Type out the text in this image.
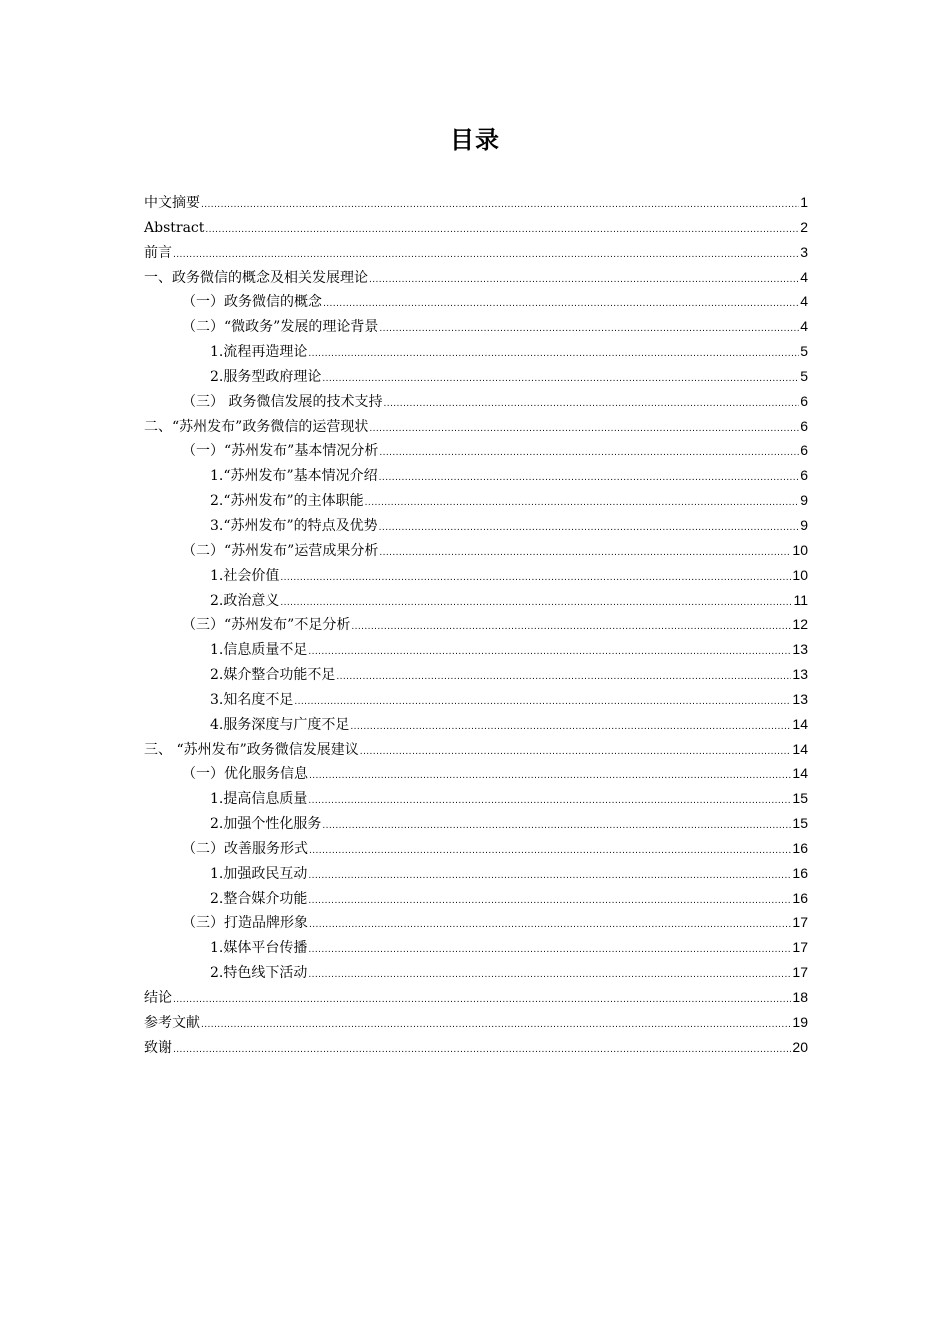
目录
中文摘要 .....	1
Abstract .....	2
前言 .....	3
一、政务微信的概念及相关发展理论 .....	4
（一）政务微信的概念 .....	4
（二）“微政务”发展的理论背景 .....	4
1.流程再造理论 .....	5
2.服务型政府理论 .....	5
（三） 政务微信发展的技术支持 .....	6
二、“苏州发布”政务微信的运营现状 .....	6
（一）“苏州发布”基本情况分析 .....	6
1.“苏州发布”基本情况介绍 .....	6
2.“苏州发布”的主体职能 .....	9
3.“苏州发布”的特点及优势 .....	9
（二）“苏州发布”运营成果分析 .....	10
1.社会价值 .....	10
2.政治意义 .....	11
（三）“苏州发布”不足分析 .....	12
1.信息质量不足 .....	13
2.媒介整合功能不足 .....	13
3.知名度不足 .....	13
4.服务深度与广度不足 .....	14
三、 “苏州发布”政务微信发展建议 .....	14
（一）优化服务信息 .....	14
1.提高信息质量 .....	15
2.加强个性化服务 .....	15
（二）改善服务形式 .....	16
1.加强政民互动 .....	16
2.整合媒介功能 .....	16
（三）打造品牌形象 .....	17
1.媒体平台传播 .....	17
2.特色线下活动 .....	17
结论 .....	18
参考文献 .....	19
致谢 .....	20
